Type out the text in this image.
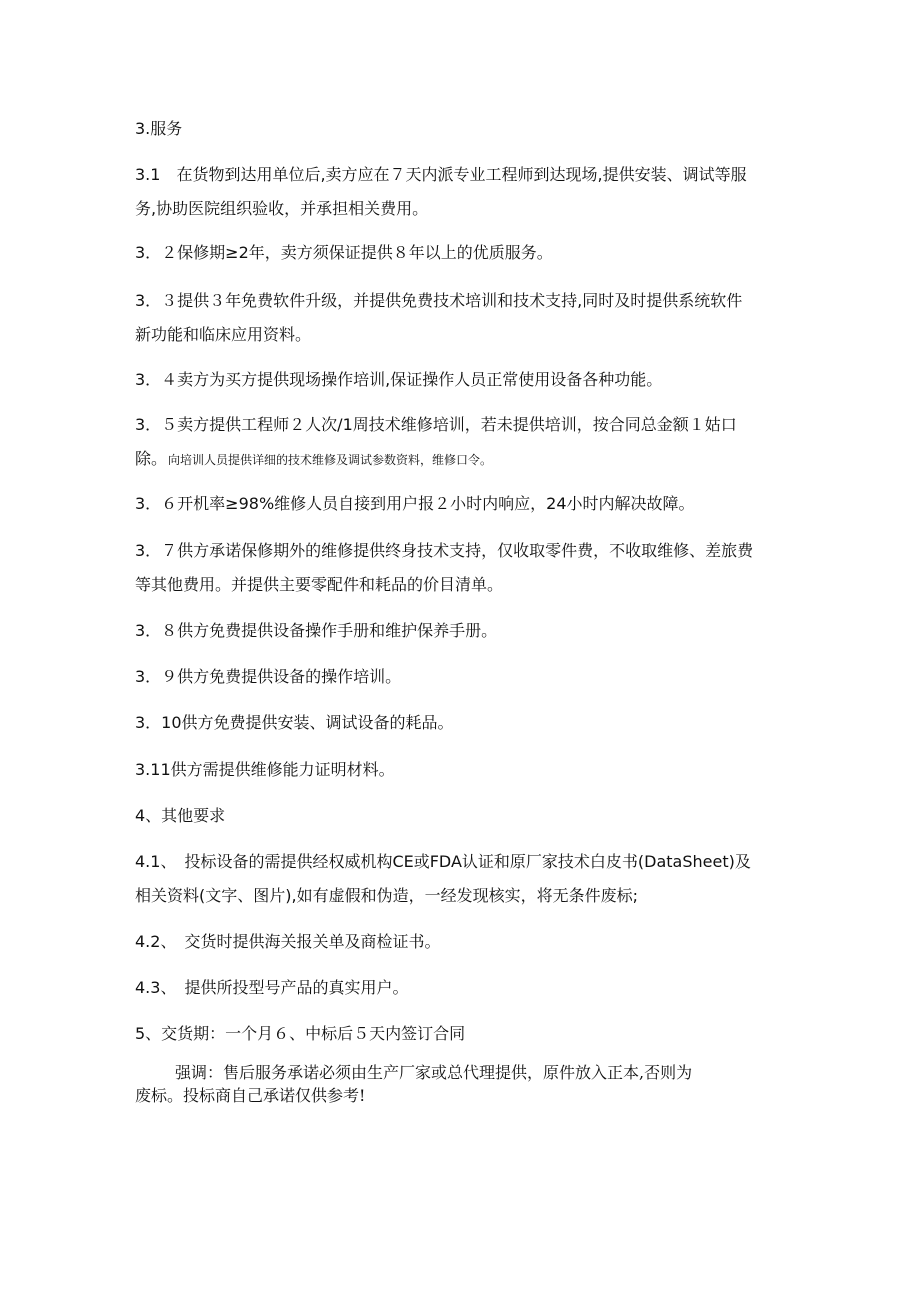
3.服务
3.1　在货物到达用单位后,卖方应在７天内派专业工程师到达现场,提供安装、调试等服
务,协助医院组织验收，并承担相关费用。
3．２保修期≥2年，卖方须保证提供８年以上的优质服务。
3．３提供３年免费软件升级，并提供免费技术培训和技术支持,同时及时提供系统软件
新功能和临床应用资料。
3．４卖方为买方提供现场操作培训,保证操作人员正常使用设备各种功能。
3．５卖方提供工程师２人次/1周技术维修培训，若未提供培训，按合同总金额１姑口
除。向培训人员提供详细的技术维修及调试参数资料，维修口令。
3．６开机率≥98%维修人员自接到用户报２小时内响应，24小时内解决故障。
3．７供方承诺保修期外的维修提供终身技术支持，仅收取零件费，不收取维修、差旅费
等其他费用。并提供主要零配件和耗品的价目清单。
3．８供方免费提供设备操作手册和维护保养手册。
3．９供方免费提供设备的操作培训。
3．10供方免费提供安装、调试设备的耗品。
3.11供方需提供维修能力证明材料。
4、其他要求
4.1、　投标设备的需提供经权威机构CE或FDA认证和原厂家技术白皮书(DataSheet)及
相关资料(文字、图片),如有虚假和伪造，一经发现核实，将无条件废标;
4.2、　交货时提供海关报关单及商检证书。
4.3、　提供所投型号产品的真实用户。
5、交货期：一个月６、中标后５天内签订合同
强调：售后服务承诺必须由生产厂家或总代理提供，原件放入正本,否则为
废标。投标商自己承诺仅供参考!
